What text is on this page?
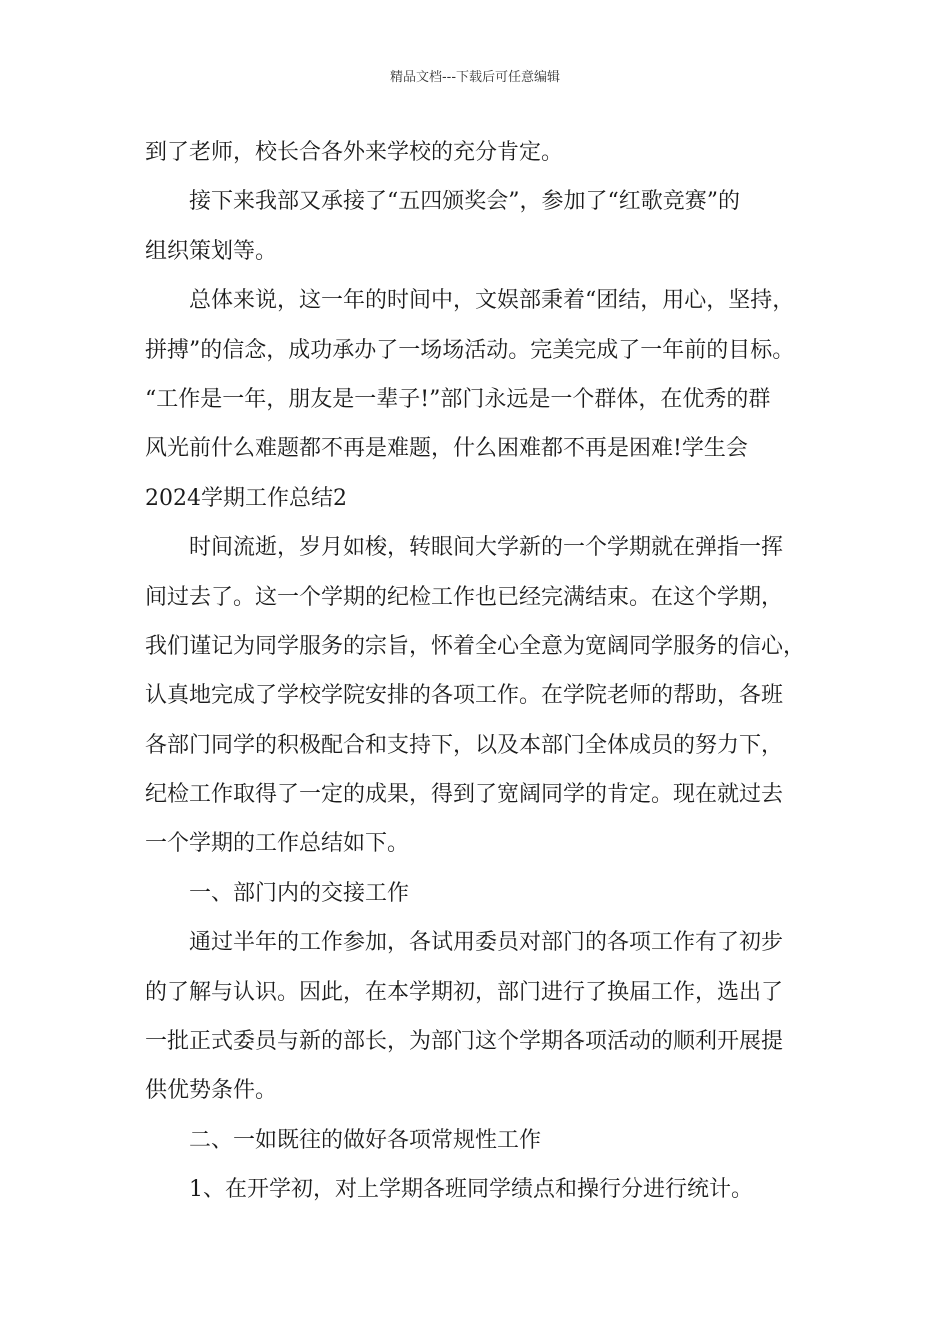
精品文档---下载后可任意编辑
到了老师，校长合各外来学校的充分肯定。
接下来我部又承接了“五四颁奖会”，参加了“红歌竞赛”的
组织策划等。
总体来说，这一年的时间中，文娱部秉着“团结，用心，坚持，
拼搏”的信念，成功承办了一场场活动。完美完成了一年前的目标。
“工作是一年，朋友是一辈子!”部门永远是一个群体，在优秀的群
风光前什么难题都不再是难题，什么困难都不再是困难!学生会
2024学期工作总结2
时间流逝，岁月如梭，转眼间大学新的一个学期就在弹指一挥
间过去了。这一个学期的纪检工作也已经完满结束。在这个学期，
我们谨记为同学服务的宗旨，怀着全心全意为宽阔同学服务的信心，
认真地完成了学校学院安排的各项工作。在学院老师的帮助，各班
各部门同学的积极配合和支持下，以及本部门全体成员的努力下，
纪检工作取得了一定的成果，得到了宽阔同学的肯定。现在就过去
一个学期的工作总结如下。
一、部门内的交接工作
通过半年的工作参加，各试用委员对部门的各项工作有了初步
的了解与认识。因此，在本学期初，部门进行了换届工作，选出了
一批正式委员与新的部长，为部门这个学期各项活动的顺利开展提
供优势条件。
二、一如既往的做好各项常规性工作
1、在开学初，对上学期各班同学绩点和操行分进行统计。
